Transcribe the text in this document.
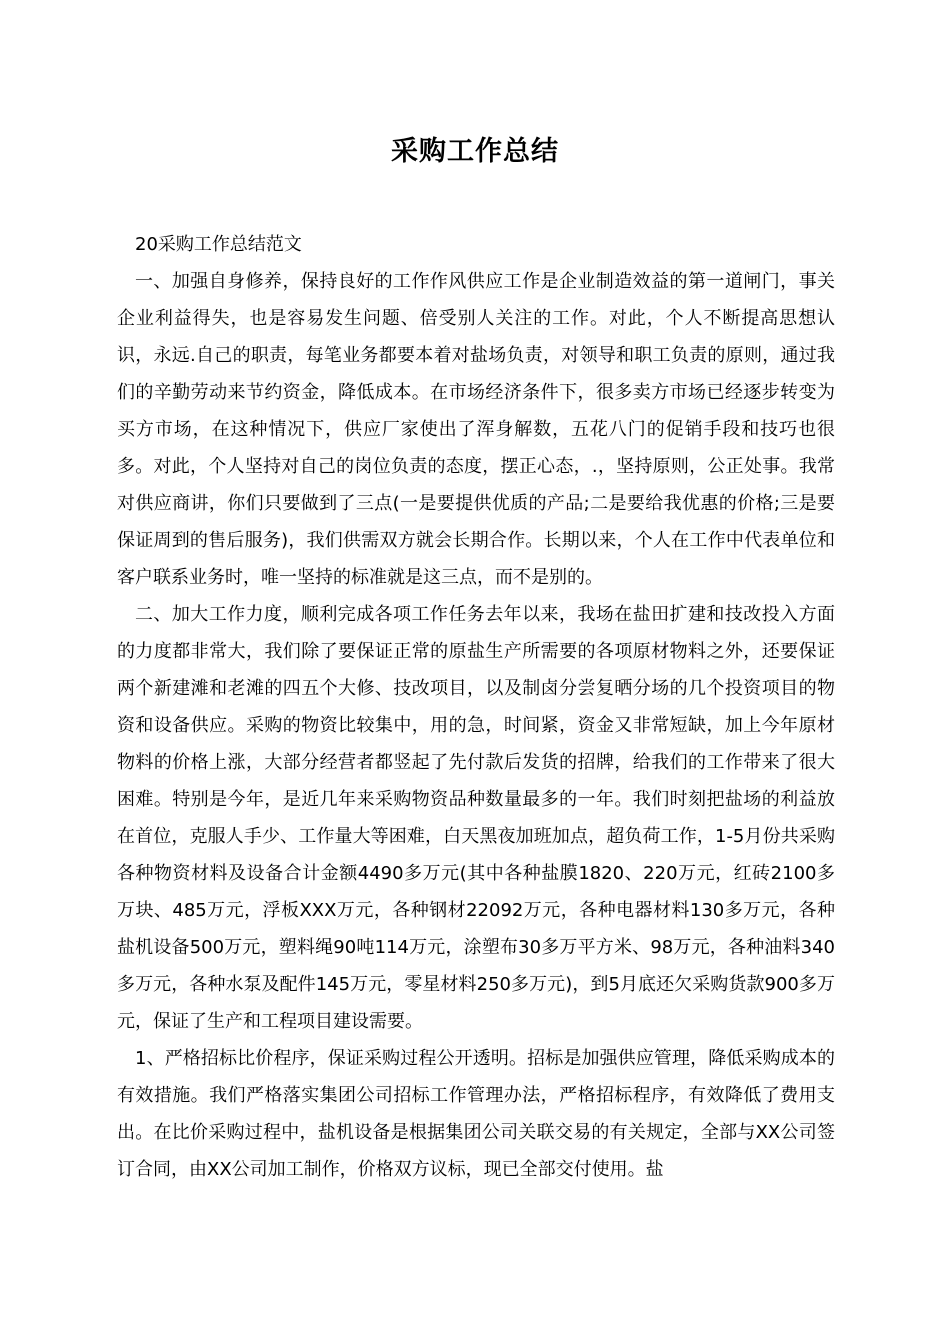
采购工作总结

20采购工作总结范文

一、加强自身修养，保持良好的工作作风供应工作是企业制造效益的第一道闸门，事关企业利益得失，也是容易发生问题、倍受别人关注的工作。对此，个人不断提高思想认识，永远.自己的职责，每笔业务都要本着对盐场负责，对领导和职工负责的原则，通过我们的辛勤劳动来节约资金，降低成本。在市场经济条件下，很多卖方市场已经逐步转变为买方市场，在这种情况下，供应厂家使出了浑身解数，五花八门的促销手段和技巧也很多。对此，个人坚持对自己的岗位负责的态度，摆正心态，.，坚持原则，公正处事。我常对供应商讲，你们只要做到了三点(一是要提供优质的产品;二是要给我优惠的价格;三是要保证周到的售后服务)，我们供需双方就会长期合作。长期以来，个人在工作中代表单位和客户联系业务时，唯一坚持的标准就是这三点，而不是别的。

二、加大工作力度，顺利完成各项工作任务去年以来，我场在盐田扩建和技改投入方面的力度都非常大，我们除了要保证正常的原盐生产所需要的各项原材物料之外，还要保证两个新建滩和老滩的四五个大修、技改项目，以及制卤分尝复晒分场的几个投资项目的物资和设备供应。采购的物资比较集中，用的急，时间紧，资金又非常短缺，加上今年原材物料的价格上涨，大部分经营者都竖起了先付款后发货的招牌，给我们的工作带来了很大困难。特别是今年，是近几年来采购物资品种数量最多的一年。我们时刻把盐场的利益放在首位，克服人手少、工作量大等困难，白天黑夜加班加点，超负荷工作，1-5月份共采购各种物资材料及设备合计金额4490多万元(其中各种盐膜1820、220万元，红砖2100多万块、485万元，浮板XXX万元，各种钢材22092万元，各种电器材料130多万元，各种盐机设备500万元，塑料绳90吨114万元，涂塑布30多万平方米、98万元，各种油料340多万元，各种水泵及配件145万元，零星材料250多万元)，到5月底还欠采购货款900多万元，保证了生产和工程项目建设需要。

1、严格招标比价程序，保证采购过程公开透明。招标是加强供应管理，降低采购成本的有效措施。我们严格落实集团公司招标工作管理办法，严格招标程序，有效降低了费用支出。在比价采购过程中，盐机设备是根据集团公司关联交易的有关规定，全部与XX公司签订合同，由XX公司加工制作，价格双方议标，现已全部交付使用。盐
